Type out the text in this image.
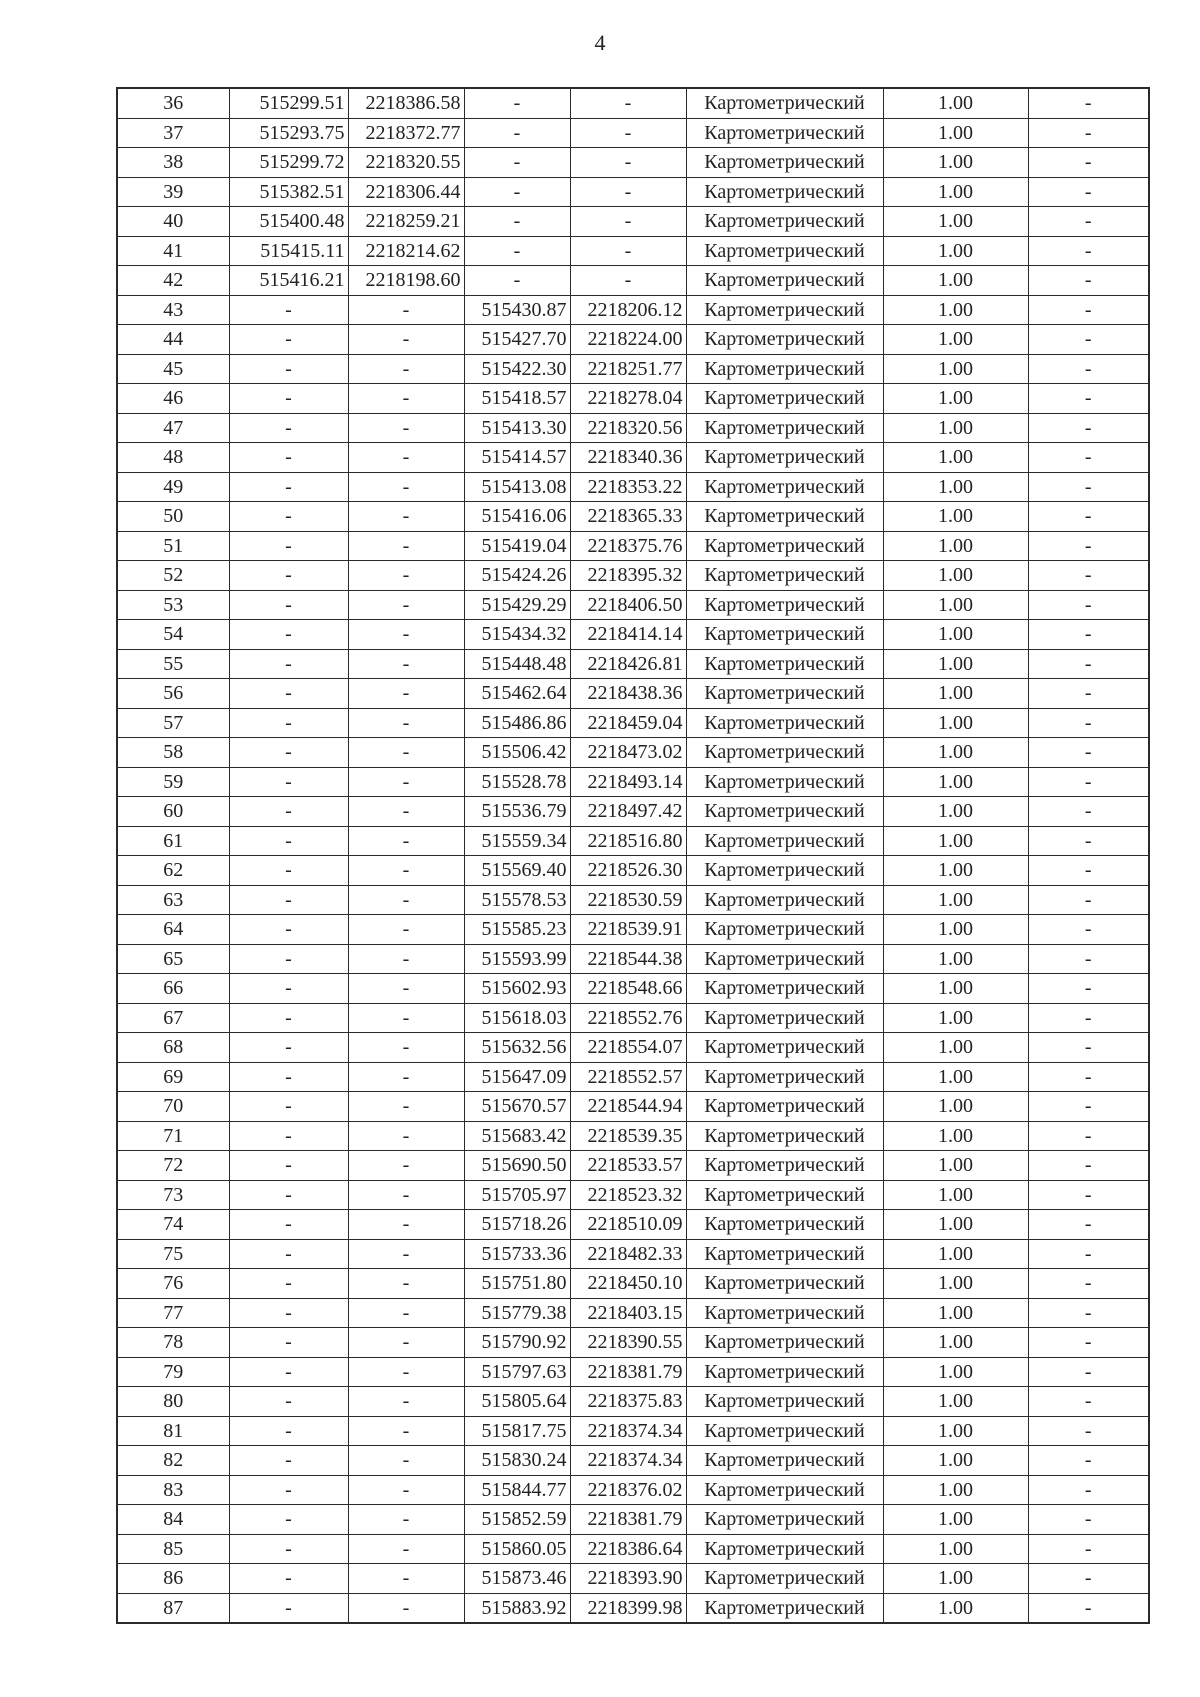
4
36	515299.51	2218386.58	-	-	Картометрический	1.00	-
37	515293.75	2218372.77	-	-	Картометрический	1.00	-
38	515299.72	2218320.55	-	-	Картометрический	1.00	-
39	515382.51	2218306.44	-	-	Картометрический	1.00	-
40	515400.48	2218259.21	-	-	Картометрический	1.00	-
41	515415.11	2218214.62	-	-	Картометрический	1.00	-
42	515416.21	2218198.60	-	-	Картометрический	1.00	-
43	-	-	515430.87	2218206.12	Картометрический	1.00	-
44	-	-	515427.70	2218224.00	Картометрический	1.00	-
45	-	-	515422.30	2218251.77	Картометрический	1.00	-
46	-	-	515418.57	2218278.04	Картометрический	1.00	-
47	-	-	515413.30	2218320.56	Картометрический	1.00	-
48	-	-	515414.57	2218340.36	Картометрический	1.00	-
49	-	-	515413.08	2218353.22	Картометрический	1.00	-
50	-	-	515416.06	2218365.33	Картометрический	1.00	-
51	-	-	515419.04	2218375.76	Картометрический	1.00	-
52	-	-	515424.26	2218395.32	Картометрический	1.00	-
53	-	-	515429.29	2218406.50	Картометрический	1.00	-
54	-	-	515434.32	2218414.14	Картометрический	1.00	-
55	-	-	515448.48	2218426.81	Картометрический	1.00	-
56	-	-	515462.64	2218438.36	Картометрический	1.00	-
57	-	-	515486.86	2218459.04	Картометрический	1.00	-
58	-	-	515506.42	2218473.02	Картометрический	1.00	-
59	-	-	515528.78	2218493.14	Картометрический	1.00	-
60	-	-	515536.79	2218497.42	Картометрический	1.00	-
61	-	-	515559.34	2218516.80	Картометрический	1.00	-
62	-	-	515569.40	2218526.30	Картометрический	1.00	-
63	-	-	515578.53	2218530.59	Картометрический	1.00	-
64	-	-	515585.23	2218539.91	Картометрический	1.00	-
65	-	-	515593.99	2218544.38	Картометрический	1.00	-
66	-	-	515602.93	2218548.66	Картометрический	1.00	-
67	-	-	515618.03	2218552.76	Картометрический	1.00	-
68	-	-	515632.56	2218554.07	Картометрический	1.00	-
69	-	-	515647.09	2218552.57	Картометрический	1.00	-
70	-	-	515670.57	2218544.94	Картометрический	1.00	-
71	-	-	515683.42	2218539.35	Картометрический	1.00	-
72	-	-	515690.50	2218533.57	Картометрический	1.00	-
73	-	-	515705.97	2218523.32	Картометрический	1.00	-
74	-	-	515718.26	2218510.09	Картометрический	1.00	-
75	-	-	515733.36	2218482.33	Картометрический	1.00	-
76	-	-	515751.80	2218450.10	Картометрический	1.00	-
77	-	-	515779.38	2218403.15	Картометрический	1.00	-
78	-	-	515790.92	2218390.55	Картометрический	1.00	-
79	-	-	515797.63	2218381.79	Картометрический	1.00	-
80	-	-	515805.64	2218375.83	Картометрический	1.00	-
81	-	-	515817.75	2218374.34	Картометрический	1.00	-
82	-	-	515830.24	2218374.34	Картометрический	1.00	-
83	-	-	515844.77	2218376.02	Картометрический	1.00	-
84	-	-	515852.59	2218381.79	Картометрический	1.00	-
85	-	-	515860.05	2218386.64	Картометрический	1.00	-
86	-	-	515873.46	2218393.90	Картометрический	1.00	-
87	-	-	515883.92	2218399.98	Картометрический	1.00	-
